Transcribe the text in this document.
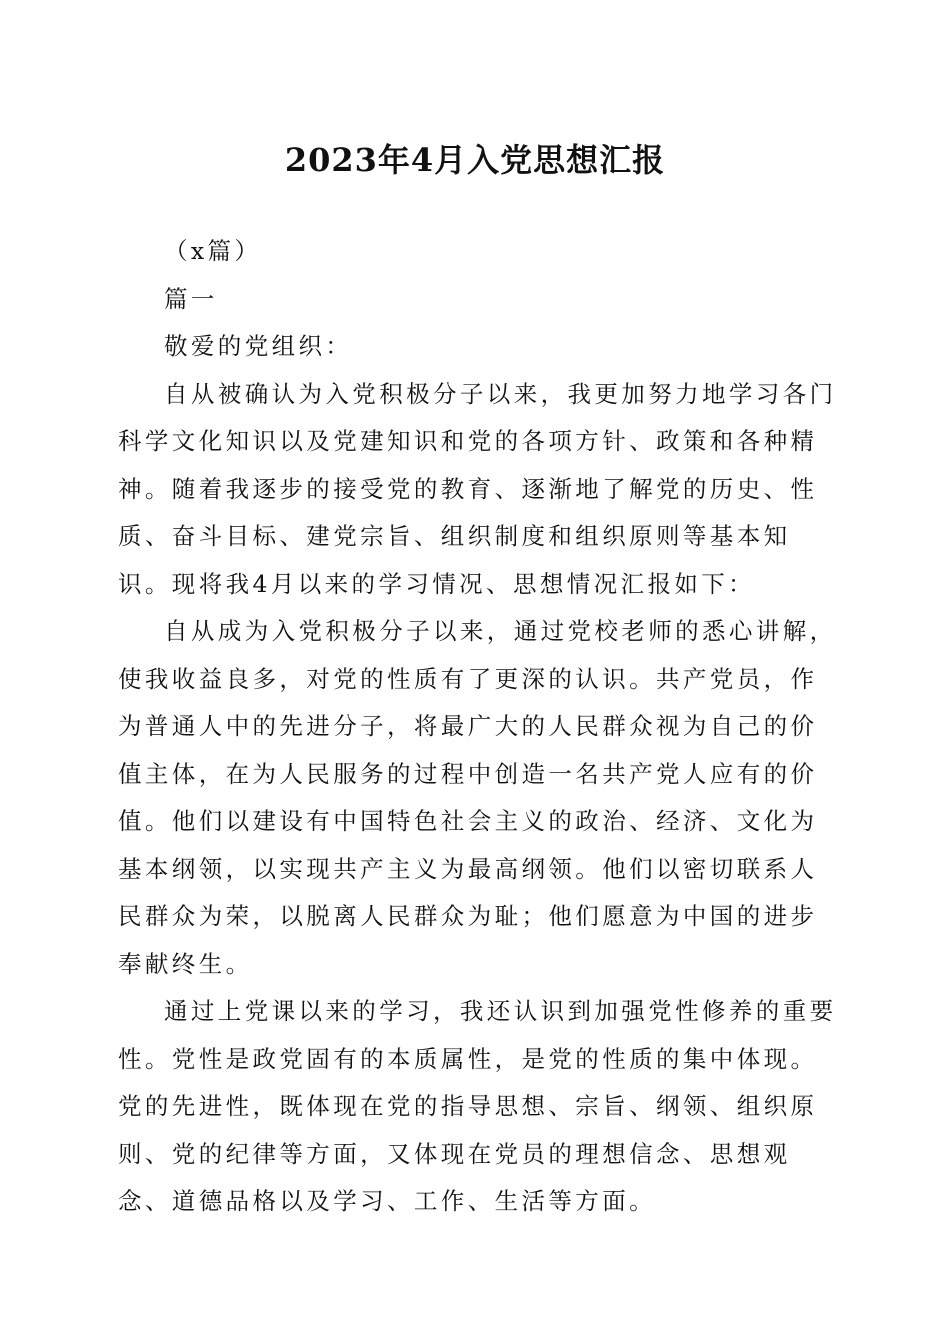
2023年4月入党思想汇报

（x篇）

篇一

敬爱的党组织：

自从被确认为入党积极分子以来，我更加努力地学习各门科学文化知识以及党建知识和党的各项方针、政策和各种精神。随着我逐步的接受党的教育、逐渐地了解党的历史、性质、奋斗目标、建党宗旨、组织制度和组织原则等基本知识。现将我4月以来的学习情况、思想情况汇报如下：

自从成为入党积极分子以来，通过党校老师的悉心讲解，使我收益良多，对党的性质有了更深的认识。共产党员，作为普通人中的先进分子，将最广大的人民群众视为自己的价值主体，在为人民服务的过程中创造一名共产党人应有的价值。他们以建设有中国特色社会主义的政治、经济、文化为基本纲领，以实现共产主义为最高纲领。他们以密切联系人民群众为荣，以脱离人民群众为耻；他们愿意为中国的进步奉献终生。

通过上党课以来的学习，我还认识到加强党性修养的重要性。党性是政党固有的本质属性，是党的性质的集中体现。党的先进性，既体现在党的指导思想、宗旨、纲领、组织原则、党的纪律等方面，又体现在党员的理想信念、思想观念、道德品格以及学习、工作、生活等方面。
